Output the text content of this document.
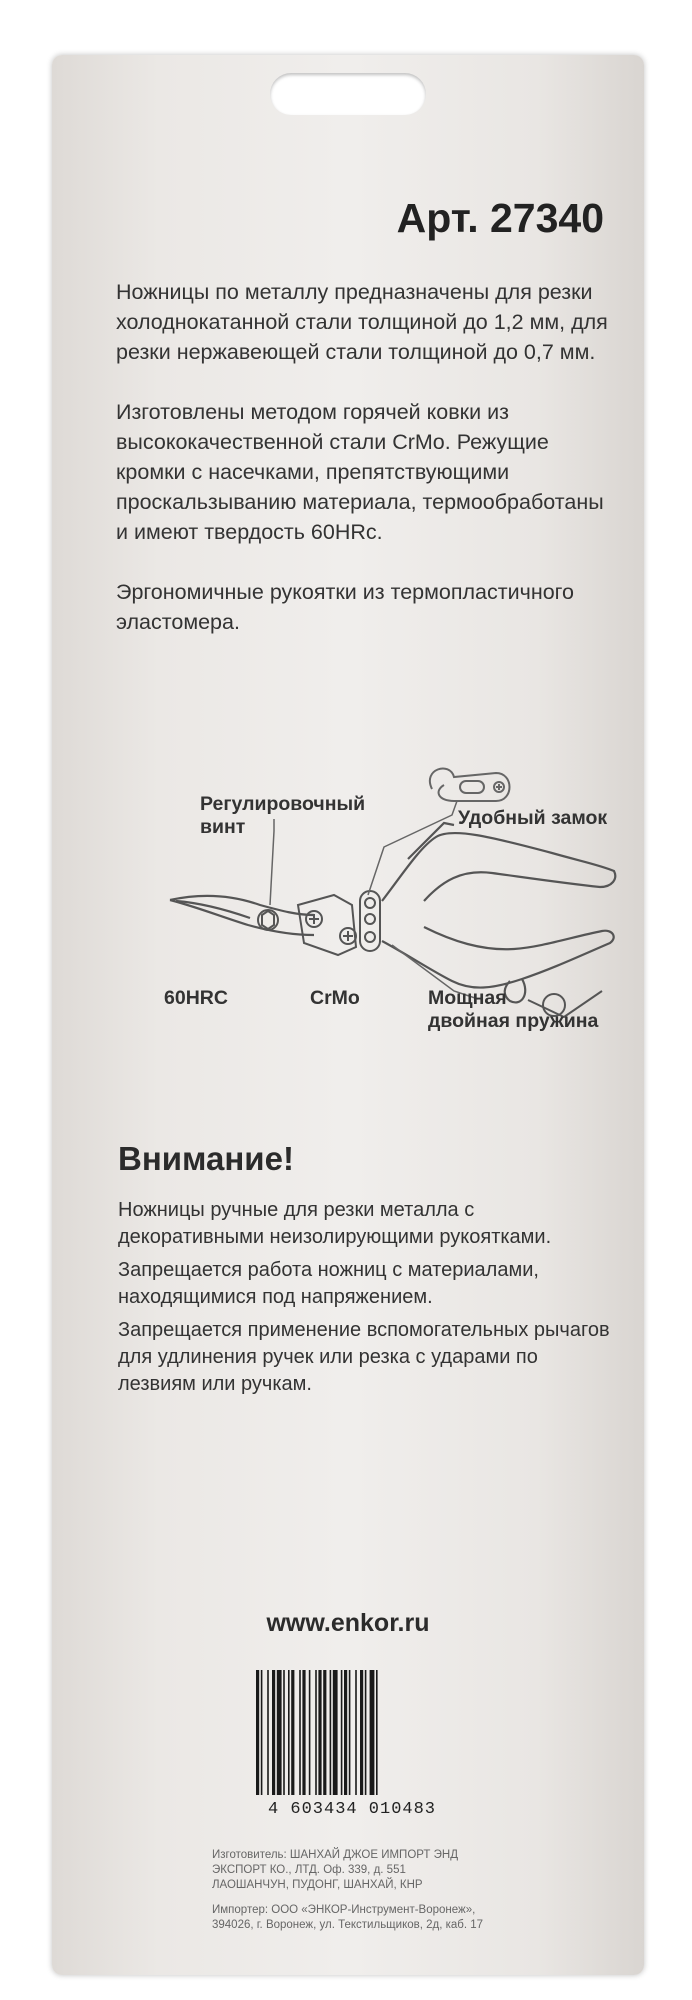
Арт. 27340

Ножницы по металлу предназначены для резки холоднокатанной стали толщиной до 1,2 мм, для резки нержавеющей стали толщиной до 0,7 мм.

Изготовлены методом горячей ковки из высококачественной стали CrMo. Режущие кромки с насечками, препятствующими проскальзыванию материала, термообработаны и имеют твердость 60HRc.

Эргономичные рукоятки из термопластичного эластомера.

Регулировочный
винт	Удобный замок
60HRC	CrMo	Мощная
двойная пружина
Внимание!

Ножницы ручные для резки металла с декоративными неизолирующими рукоятками.

Запрещается работа ножниц с материалами, находящимися под напряжением.

Запрещается применение вспомогательных рычагов для удлинения ручек или резка с ударами по лезвиям или ручкам.

www.enkor.ru
4 603434 010483

Изготовитель: ШАНХАЙ ДЖОЕ ИМПОРТ ЭНД

ЭКСПОРТ КО., ЛТД. Оф. 339, д. 551

ЛАОШАНЧУН, ПУДОНГ, ШАНХАЙ, КНР

Импортер: ООО «ЭНКОР-Инструмент-Воронеж»,

394026, г. Воронеж, ул. Текстильщиков, 2д, каб. 17
